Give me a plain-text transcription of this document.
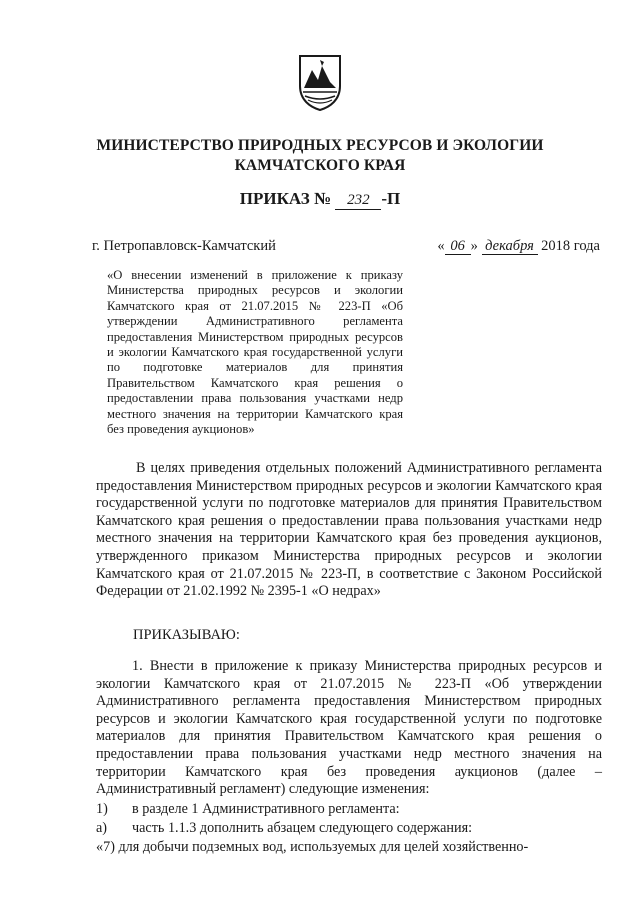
МИНИСТЕРСТВО ПРИРОДНЫХ РЕСУРСОВ И ЭКОЛОГИИ
КАМЧАТСКОГО КРАЯ
ПРИКАЗ № 232 -П
г. Петропавловск-Камчатский	« 06 » декабря 2018 года
«О внесении изменений в приложение к приказу Министерства природных ресурсов и экологии Камчатского края от 21.07.2015 № 223-П «Об утверждении Административного регламента предоставления Министерством природных ресурсов и экологии Камчатского края государственной услуги по подготовке материалов для принятия Правительством Камчатского края решения о предоставлении права пользования участками недр местного значения на территории Камчатского края без проведения аукционов»
В целях приведения отдельных положений Административного регламента предоставления Министерством природных ресурсов и экологии Камчатского края государственной услуги по подготовке материалов для принятия Правительством Камчатского края решения о предоставлении права пользования участками недр местного значения на территории Камчатского края без проведения аукционов, утвержденного приказом Министерства природных ресурсов и экологии Камчатского края от 21.07.2015 № 223-П, в соответствие с Законом Российской Федерации от 21.02.1992 № 2395-1 «О недрах»
ПРИКАЗЫВАЮ:
1. Внести в приложение к приказу Министерства природных ресурсов и экологии Камчатского края от 21.07.2015 № 223-П «Об утверждении Административного регламента предоставления Министерством природных ресурсов и экологии Камчатского края государственной услуги по подготовке материалов для принятия Правительством Камчатского края решения о предоставлении права пользования участками недр местного значения на территории Камчатского края без проведения аукционов (далее – Административный регламент) следующие изменения:
1) в разделе 1 Административного регламента:
а) часть 1.1.3 дополнить абзацем следующего содержания:
«7) для добычи подземных вод, используемых для целей хозяйственно-
